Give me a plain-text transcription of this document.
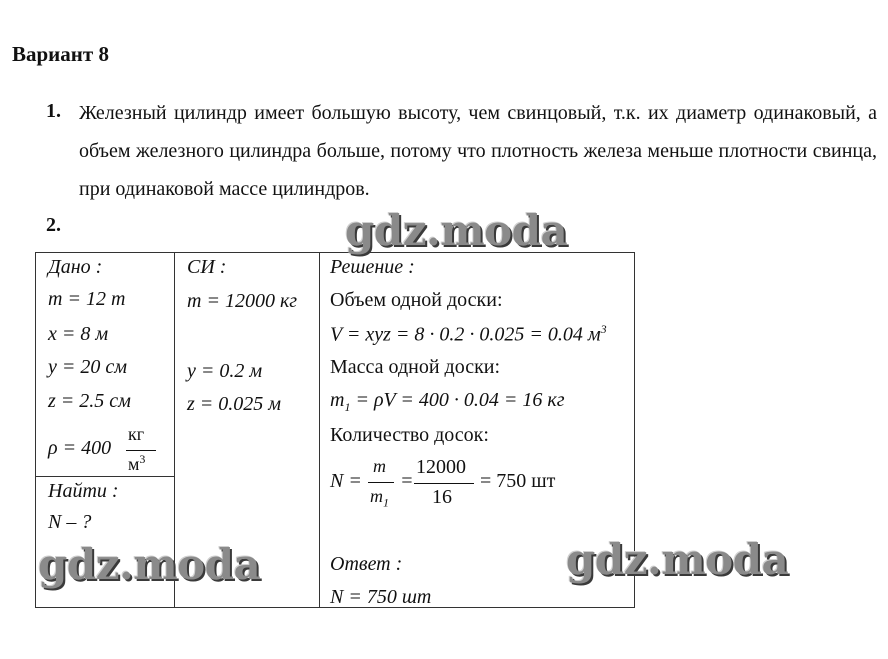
Вариант 8
1. Железный цилиндр имеет большую высоту, чем свинцовый, т.к. их диаметр одинаковый, а объем железного цилиндра больше, потому что плотность железа меньше плотности свинца, при одинаковой массе цилиндров.
2.
Дано :
m = 12 т
x = 8 м
y = 20 см
z = 2.5 см
ρ = 400
кг
$м^3$
Найти :
N – ?
СИ :
m = 12000 кг
y = 0.2 м
z = 0.025 м
Решение :
Объем одной доски:
V = xyz = 8 · 0.2 · 0.025 = 0.04 $м^3$
Масса одной доски:
$m_1 = \rho V = 400 \cdot 0.04 = 16$ кг
Количество досок:
N =
m
$m_1$
=
12000
16
= 750 шт
Ответ :
N = 750 шт
gdz.moda
gdz.moda	gdz.moda
